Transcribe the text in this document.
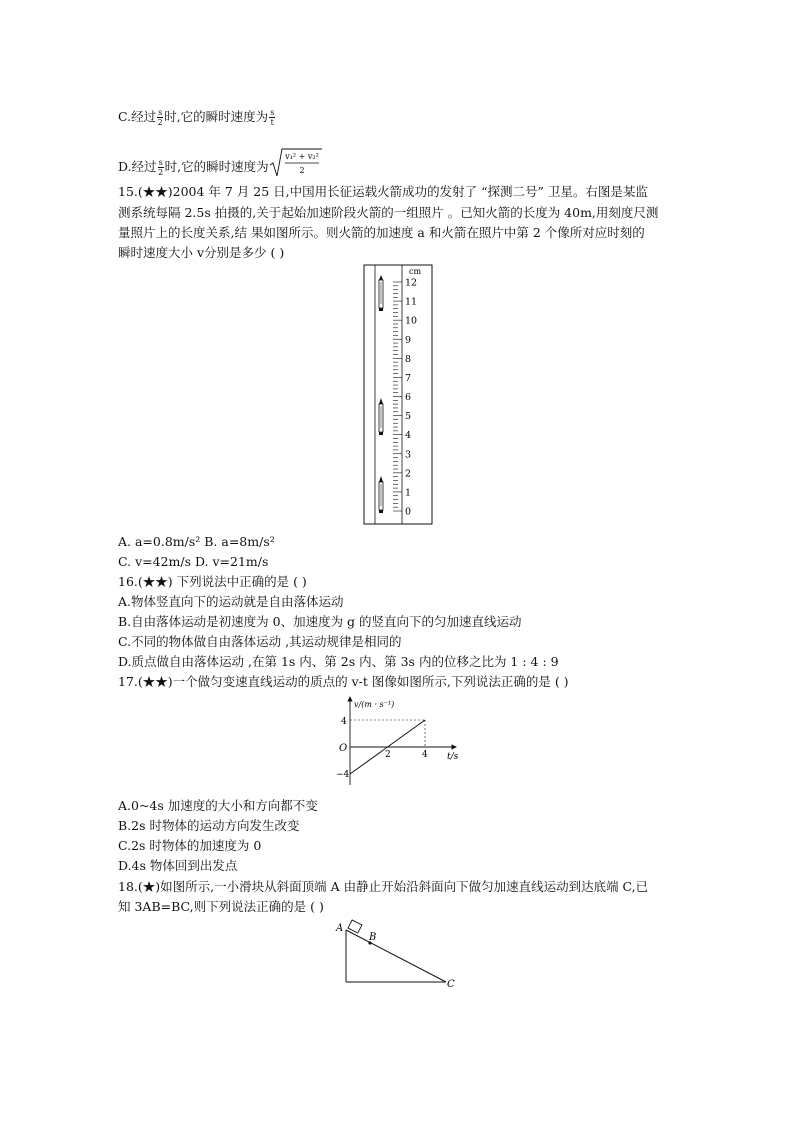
C.经过 $\frac{s}{2}$ 时,它的瞬时速度为 $\frac{s}{t}$
D.经过 $\frac{s}{2}$ 时,它的瞬时速度为
v₁² + v₂²
2
15.(★★)2004 年 7 月 25 日,中国用长征运载火箭成功的发射了 “探测二号” 卫星。右图是某监
测系统每隔 2.5s 拍摄的,关于起始加速阶段火箭的一组照片 。已知火箭的长度为 40m,用刻度尺测
量照片上的长度关系,结 果如图所示。则火箭的加速度 a 和火箭在照片中第 2 个像所对应时刻的
瞬时速度大小 v分别是多少 ( )
cm
12
11
10
9
8
7
6
5
4
3
2
1
0
A. a=0.8m/s² B. a=8m/s²
C. v=42m/s D. v=21m/s
16.(★★) 下列说法中正确的是 ( )
A.物体竖直向下的运动就是自由落体运动
B.自由落体运动是初速度为 0、加速度为 g 的竖直向下的匀加速直线运动
C.不同的物体做自由落体运动 ,其运动规律是相同的
D.质点做自由落体运动 ,在第 1s 内、第 2s 内、第 3s 内的位移之比为 1 : 4 : 9
17.(★★)一个做匀变速直线运动的质点的 v-t 图像如图所示,下列说法正确的是 ( )
v/(m · s⁻¹)
t/s
O
4
−4
2	4
A.0~4s 加速度的大小和方向都不变
B.2s 时物体的运动方向发生改变
C.2s 时物体的加速度为 0
D.4s 物体回到出发点
18.(★)如图所示,一小滑块从斜面顶端 A 由静止开始沿斜面向下做匀加速直线运动到达底端 C,已
知 3AB=BC,则下列说法正确的是 ( )
A
B
C
